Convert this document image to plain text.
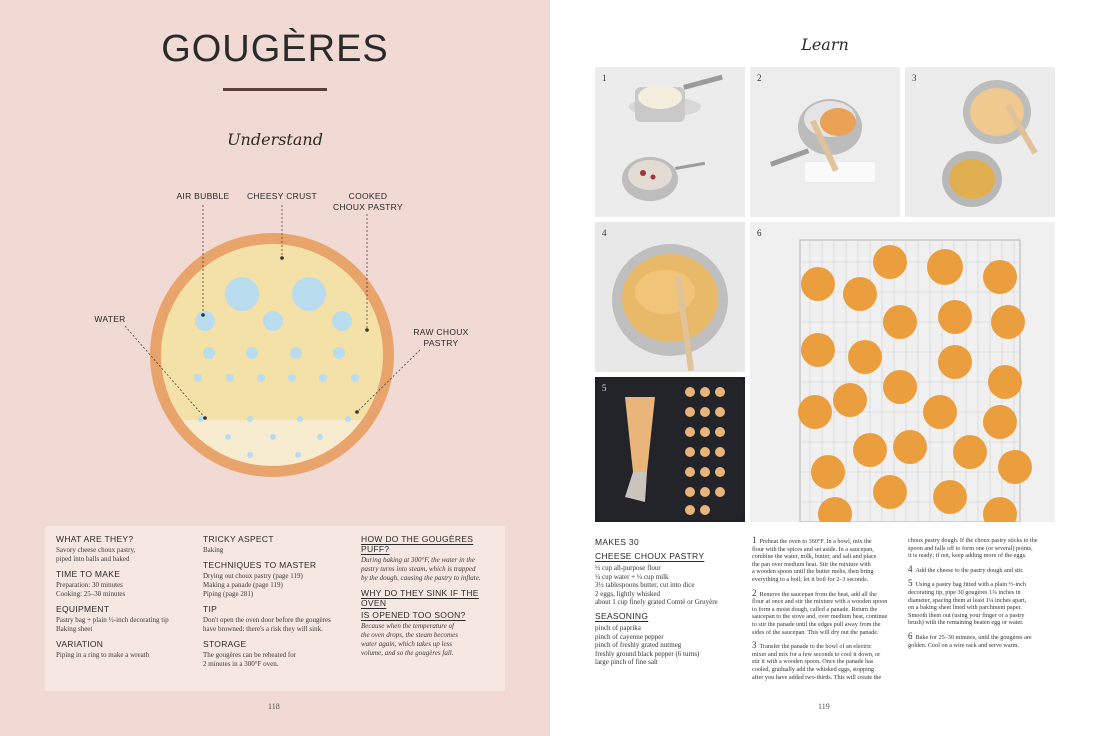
GOUGÈRES
Understand
AIR BUBBLE	CHEESY CRUST	COOKED
CHOUX PASTRY
WATER
RAW CHOUX
PASTRY
WHAT ARE THEY?

Savory cheese choux pastry,
piped into balls and baked

TIME TO MAKE

Preparation: 30 minutes
Cooking: 25–30 minutes

EQUIPMENT

Pastry bag + plain ½-inch decorating tip
Baking sheet

VARIATION

Piping in a ring to make a wreath

TRICKY ASPECT

Baking

TECHNIQUES TO MASTER

Drying out choux pastry (page 119)
Making a panade (page 119)
Piping (page 281)

TIP

Don't open the oven door before the gougères
have browned: there's a risk they will sink.

STORAGE

The gougères can be reheated for
2 minutes in a 300°F oven.

HOW DO THE GOUGÈRES PUFF?

During baking at 300°F, the water in the
pastry turns into steam, which is trapped
by the dough, causing the pastry to inflate.

WHY DO THEY SINK IF THE OVEN
IS OPENED TOO SOON?

Because when the temperature of
the oven drops, the steam becomes
water again, which takes up less
volume, and so the gougères fall.

118
Learn
1	2	3
4
5
6
MAKES 30
CHEESE CHOUX PASTRY

½ cup all-purpose flour

¼ cup water + ¼ cup milk

3½ tablespoons butter, cut into dice

2 eggs, lightly whisked

about 1 cup finely grated Comté or Gruyère

SEASONING

pinch of paprika

pinch of cayenne pepper

pinch of freshly grated nutmeg

freshly ground black pepper (6 turns)

large pinch of fine salt

1 Preheat the oven to 360°F. In a bowl, mix the
flour with the spices and set aside. In a saucepan,
combine the water, milk, butter, and salt and place
the pan over medium heat. Stir the mixture with
a wooden spoon until the butter melts, then bring
everything to a boil; let it boil for 2–3 seconds.

2 Remove the saucepan from the heat, add all the
flour at once and stir the mixture with a wooden spoon
to form a moist dough, called a panade. Return the
saucepan to the stove and, over medium heat, continue
to stir the panade until the edges pull away from the
sides of the saucepan. This will dry out the panade.

3 Transfer the panade to the bowl of an electric
mixer and mix for a few seconds to cool it down, or
stir it with a wooden spoon. Once the panade has
cooled, gradually add the whisked eggs, stopping
after you have added two-thirds. This will create the

choux pastry dough. If the choux pastry sticks to the
spoon and falls off to form one (or several) points,
it is ready; if not, keep adding more of the eggs.

4 Add the cheese to the pastry dough and stir.

5 Using a pastry bag fitted with a plain ½-inch
decorating tip, pipe 30 gougères 1¼ inches in
diameter, spacing them at least 1¼ inches apart,
on a baking sheet lined with parchment paper.
Smooth them out (using your finger or a pastry
brush) with the remaining beaten egg or water.

6 Bake for 25–30 minutes, until the gougères are
golden. Cool on a wire rack and serve warm.

119
